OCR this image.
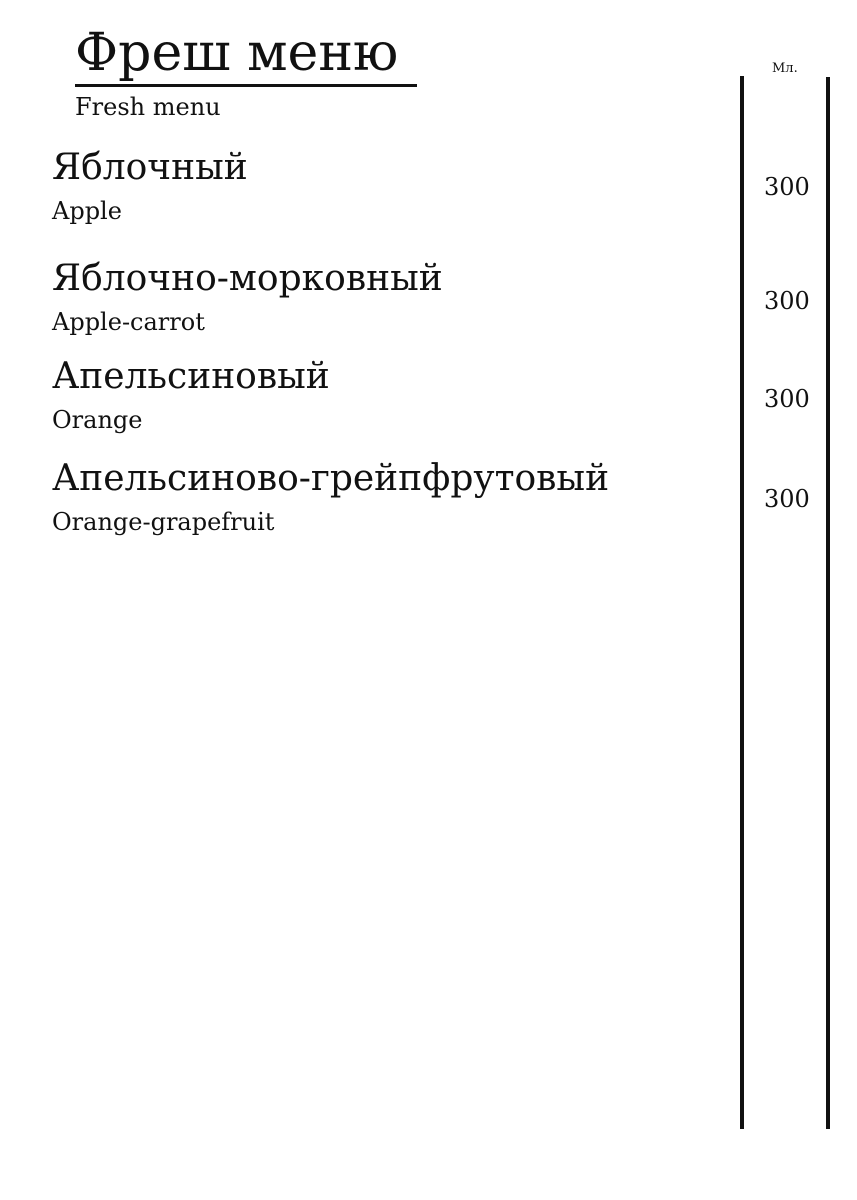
Фреш меню
Fresh menu
Мл.
Яблочный
Apple
300
Яблочно-морковный
Apple-carrot
300
Апельсиновый
Orange
300
Апельсиново-грейпфрутовый
Orange-grapefruit
300
